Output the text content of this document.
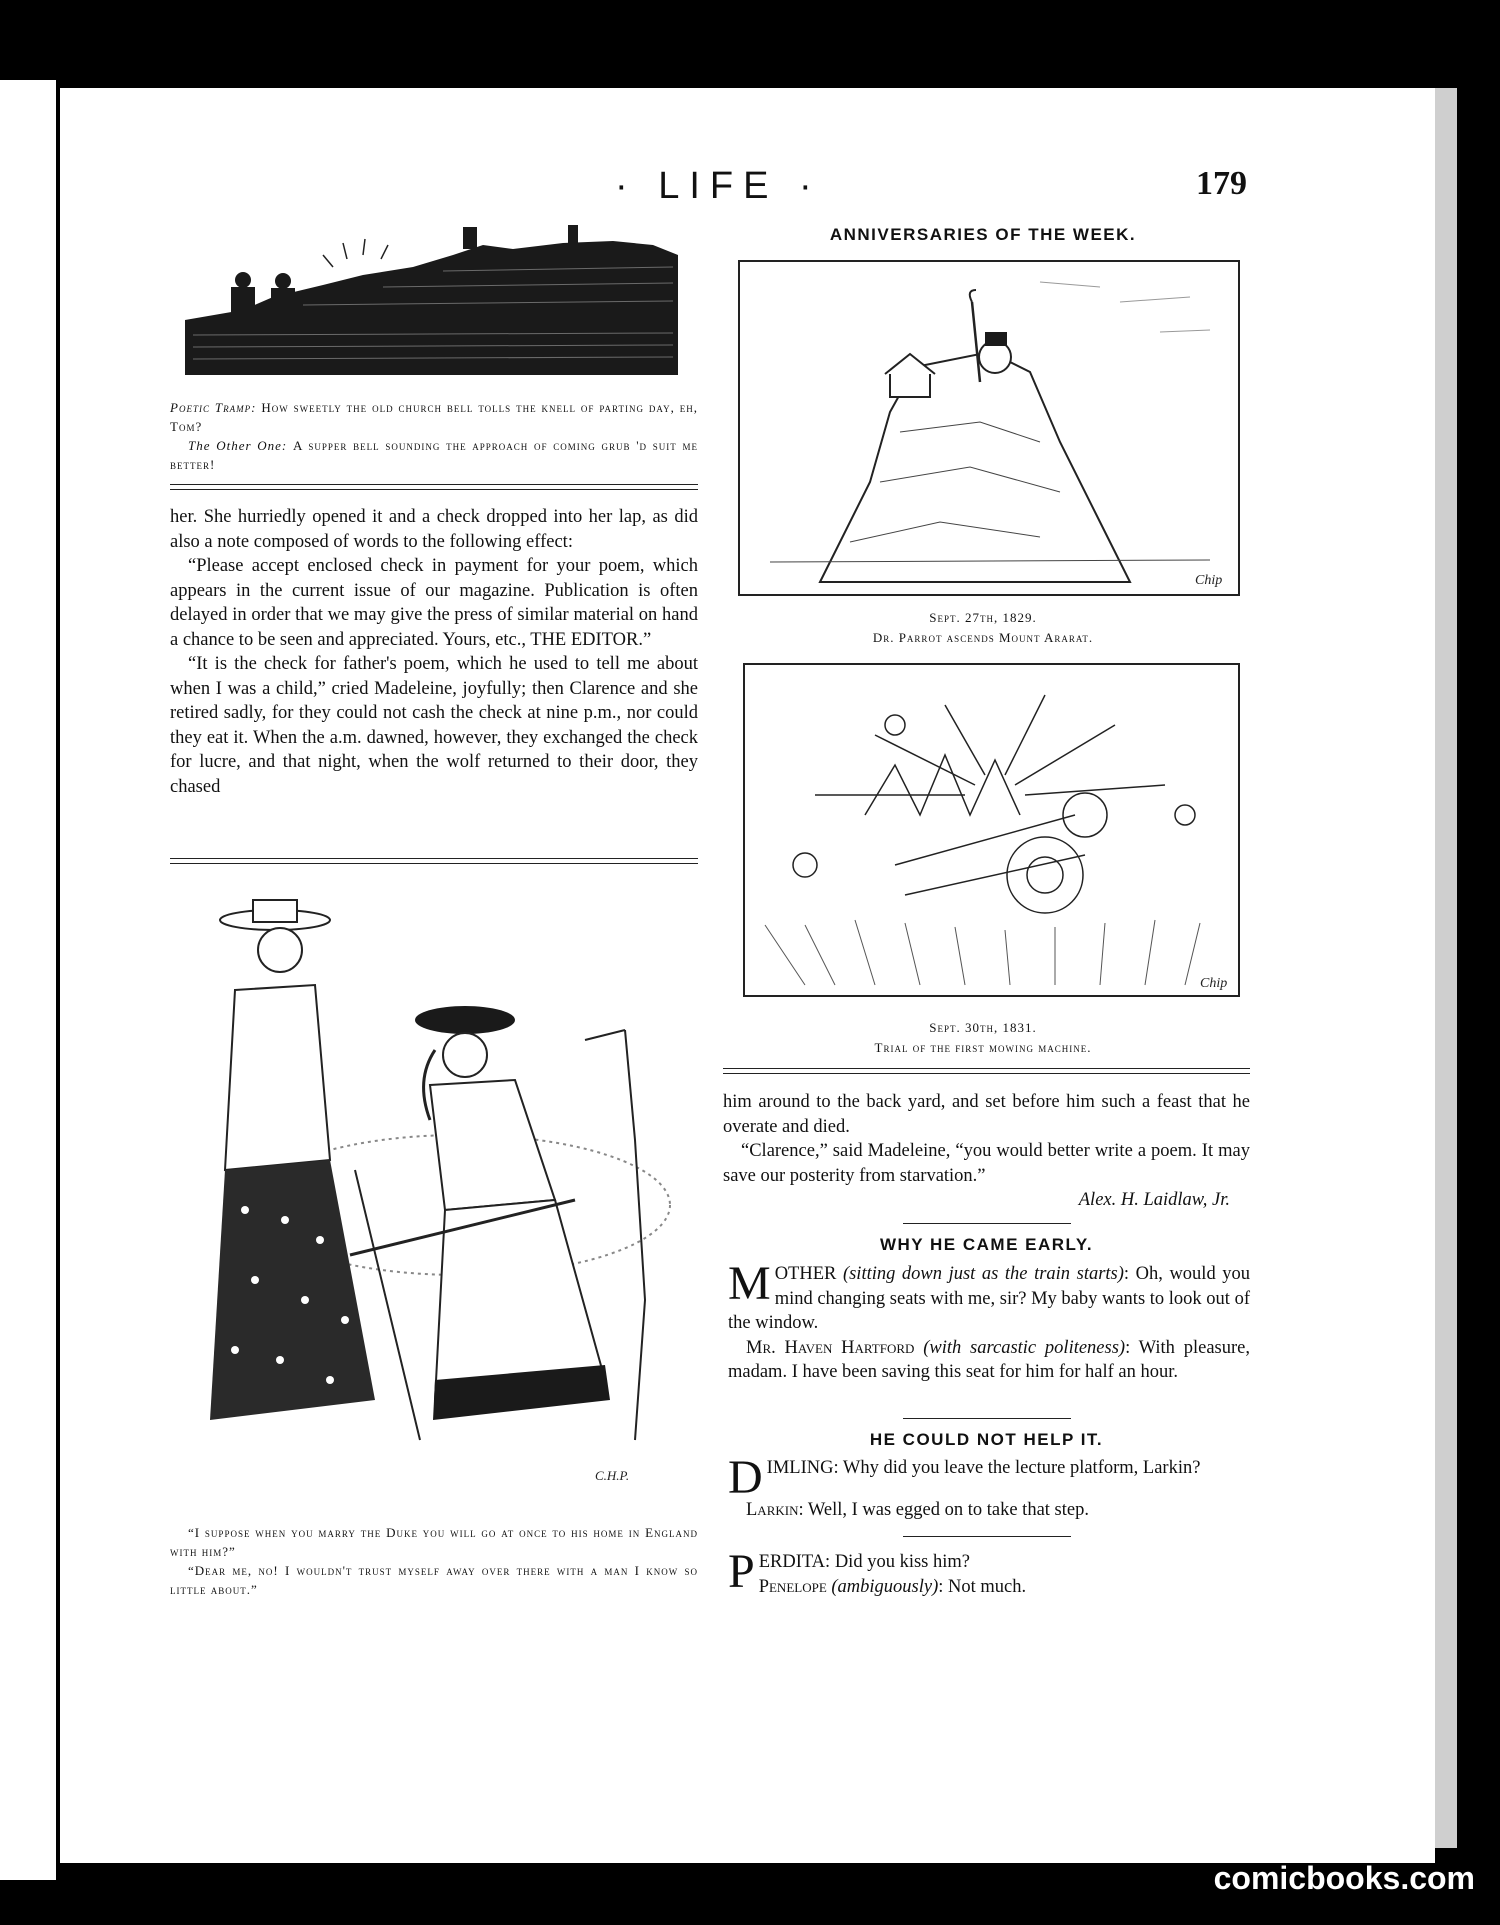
· LIFE ·	179
Poetic Tramp: How sweetly the old church bell tolls the knell of parting day, eh, Tom?
The Other One: A supper bell sounding the approach of coming grub 'd suit me better!

her. She hurriedly opened it and a check dropped into her lap, as did also a note composed of words to the following effect:

“Please accept enclosed check in payment for your poem, which appears in the current issue of our magazine. Publication is often delayed in order that we may give the press of similar material on hand a chance to be seen and appreciated. Yours, etc., THE EDITOR.”

“It is the check for father's poem, which he used to tell me about when I was a child,” cried Madeleine, joyfully; then Clarence and she retired sadly, for they could not cash the check at nine p.m., nor could they eat it. When the a.m. dawned, however, they exchanged the check for lucre, and that night, when the wolf returned to their door, they chased

C.H.P.

“I suppose when you marry the Duke you will go at once to his home in England with him?”

“Dear me, no! I wouldn't trust myself away over there with a man I know so little about.”

ANNIVERSARIES OF THE WEEK.
Chip
Sept. 27th, 1829.
Dr. Parrot ascends Mount Ararat.
Chip
Sept. 30th, 1831.
Trial of the first mowing machine.

him around to the back yard, and set before him such a feast that he overate and died.

“Clarence,” said Madeleine, “you would better write a poem. It may save our posterity from starvation.”

Alex. H. Laidlaw, Jr.

WHY HE CAME EARLY.

M OTHER (sitting down just as the train starts): Oh, would you mind changing seats with me, sir? My baby wants to look out of the window.

Mr. Haven Hartford (with sarcastic politeness): With pleasure, madam. I have been saving this seat for him for half an hour.

HE COULD NOT HELP IT.

D IMLING: Why did you leave the lecture platform, Larkin?

Larkin: Well, I was egged on to take that step.

P ERDITA: Did you kiss him?

Penelope (ambiguously): Not much.

comicbooks.com
